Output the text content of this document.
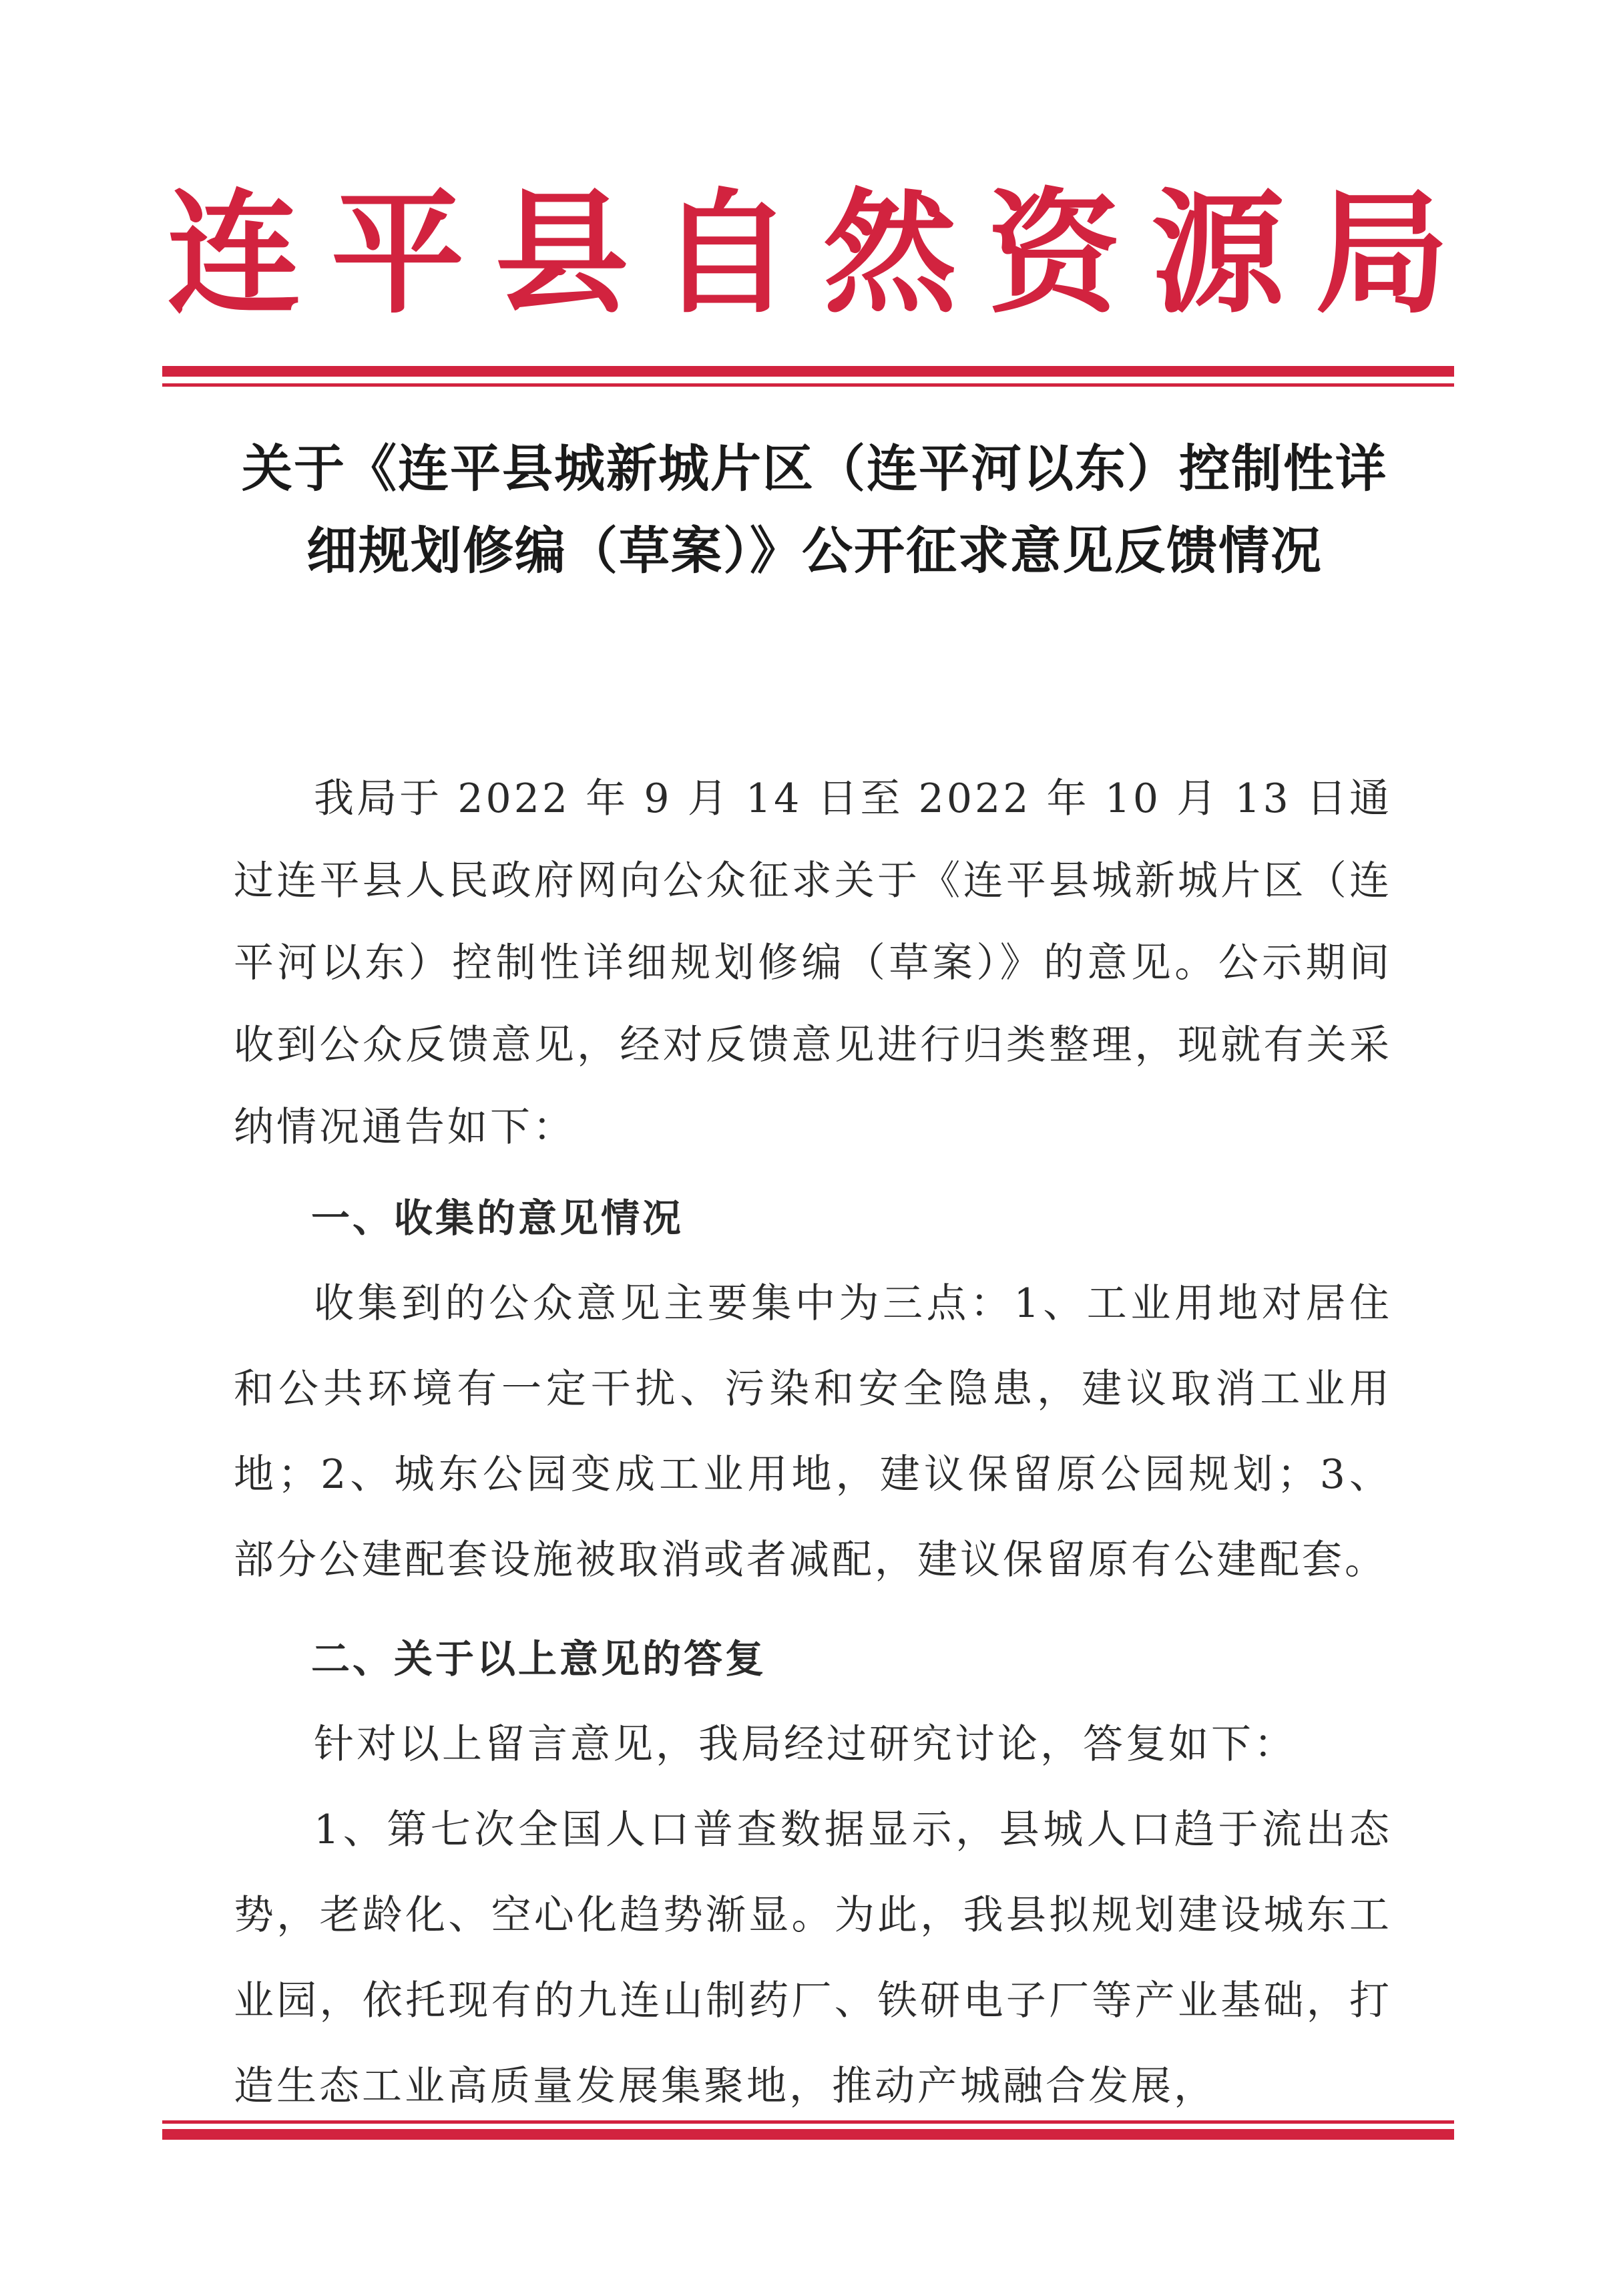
连 平 县 自 然 资 源 局
关于《连平县城新城片区（连平河以东）控制性详细规划修编（草案）》公开征求意见反馈情况

我局于 2022 年 9 月 14 日至 2022 年 10 月 13 日通过连平县人民政府网向公众征求关于《连平县城新城片区（连平河以东）控制性详细规划修编（草案）》的意见。公示期间收到公众反馈意见，经对反馈意见进行归类整理，现就有关采纳情况通告如下：

一、收集的意见情况

收集到的公众意见主要集中为三点：1、工业用地对居住和公共环境有一定干扰、污染和安全隐患，建议取消工业用地；2、城东公园变成工业用地，建议保留原公园规划；3、部分公建配套设施被取消或者减配，建议保留原有公建配套。

二、关于以上意见的答复

针对以上留言意见，我局经过研究讨论，答复如下：

1、第七次全国人口普查数据显示，县城人口趋于流出态势，老龄化、空心化趋势渐显。为此，我县拟规划建设城东工业园，依托现有的九连山制药厂、铁研电子厂等产业基础，打造生态工业高质量发展集聚地，推动产城融合发展，
